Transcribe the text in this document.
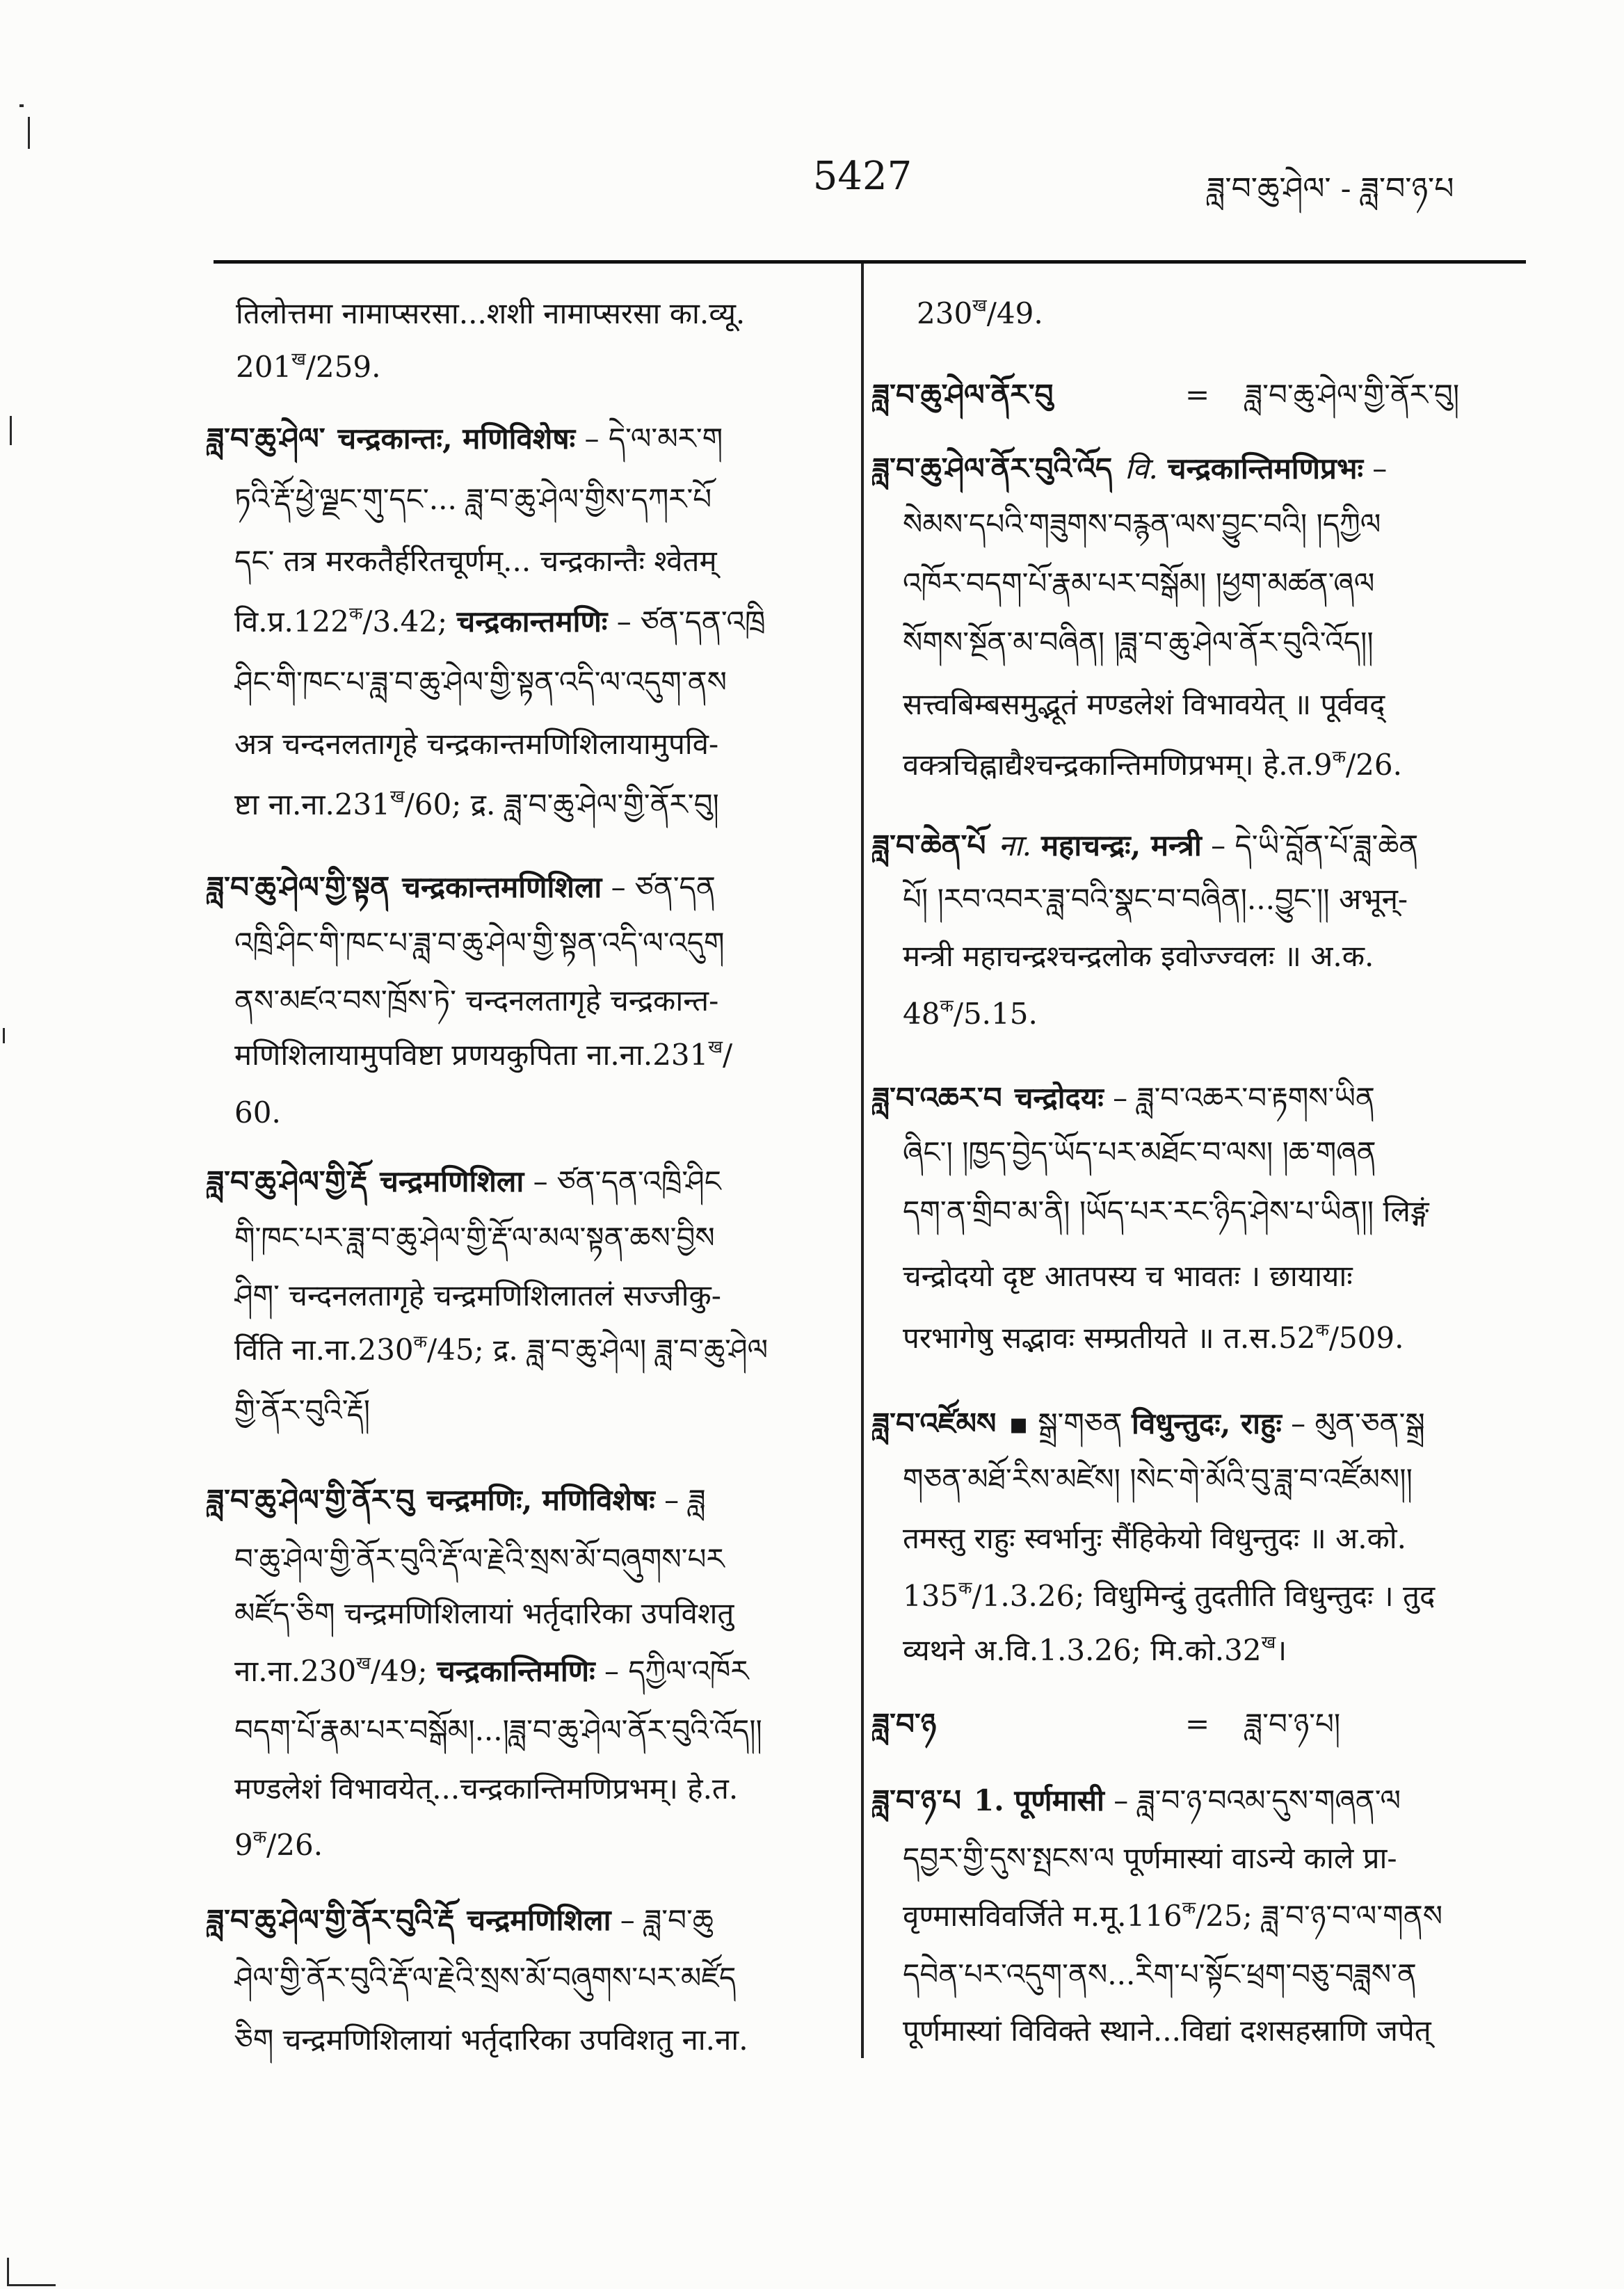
5427	ཟླ་བ་ཆུ་ཤེལ་ - ཟླ་བ་ཉ་པ
तिलोत्तमा नामाप्सरसा...शशी नामाप्सरसा का.व्यू.
$201^ख/259$.
ཟླ་བ་ཆུ་ཤེལ་ चन्द्रकान्तः, मणिविशेषः – དེ་ལ་མར་ག
ཏའི་རྡོ་ཕྱེ་ལྗང་གུ་དང་... ཟླ་བ་ཆུ་ཤེལ་གྱིས་དཀར་པོ
དང་ तत्र मरकतैर्हरितचूर्णम्... चन्द्रकान्तैः श्वेतम्
$वि.प्र.122^क/3.42$; चन्द्रकान्तमणिः – ཙན་དན་འཁྲི
ཤིང་གི་ཁང་པ་ཟླ་བ་ཆུ་ཤེལ་གྱི་སྟན་འདི་ལ་འདུག་ནས
अत्र चन्दनलतागृहे चन्द्रकान्तमणिशिलायामुपवि-
ष्टा $ना.ना.231^ख/60$; द्र. ཟླ་བ་ཆུ་ཤེལ་གྱི་ནོར་བུ།
ཟླ་བ་ཆུ་ཤེལ་གྱི་སྟན चन्द्रकान्तमणिशिला – ཙན་དན
འཁྲི་ཤིང་གི་ཁང་པ་ཟླ་བ་ཆུ་ཤེལ་གྱི་སྟན་འདི་ལ་འདུག
ནས་མཛའ་བས་ཁྲོས་ཏེ་ चन्दनलतागृहे चन्द्रकान्त-
मणिशिलायामुपविष्टा प्रणयकुपिता $ना.ना.231^ख/$
60.
ཟླ་བ་ཆུ་ཤེལ་གྱི་རྡོ चन्द्रमणिशिला – ཙན་དན་འཁྲི་ཤིང
གི་ཁང་པར་ཟླ་བ་ཆུ་ཤེལ་གྱི་རྡོ་ལ་མལ་སྟན་ཆས་བྱིས
ཤིག་ चन्दनलतागृहे चन्द्रमणिशिलातलं सज्जीकु-
र्विति $ना.ना.230^क/45$; द्र. ཟླ་བ་ཆུ་ཤེལ། ཟླ་བ་ཆུ་ཤེལ
གྱི་ནོར་བུའི་རྡོ།
ཟླ་བ་ཆུ་ཤེལ་གྱི་ནོར་བུ चन्द्रमणिः, मणिविशेषः – ཟླ
བ་ཆུ་ཤེལ་གྱི་ནོར་བུའི་རྡོ་ལ་རྗེའི་སྲས་མོ་བཞུགས་པར
མཛོད་ཅིག चन्द्रमणिशिलायां भर्तृदारिका उपविशतु
$ना.ना.230^ख/49$; चन्द्रकान्तिमणिः – དཀྱིལ་འཁོར
བདག་པོ་རྣམ་པར་བསྒོམ།...།ཟླ་བ་ཆུ་ཤེལ་ནོར་བུའི་འོད།།
मण्डलेशं विभावयेत्...चन्द्रकान्तिमणिप्रभम्। हे.त.
$9^क/26$.
ཟླ་བ་ཆུ་ཤེལ་གྱི་ནོར་བུའི་རྡོ चन्द्रमणिशिला – ཟླ་བ་ཆུ
ཤེལ་གྱི་ནོར་བུའི་རྡོ་ལ་རྗེའི་སྲས་མོ་བཞུགས་པར་མཛོད
ཅིག चन्द्रमणिशिलायां भर्तृदारिका उपविशतु ना.ना.
$230^ख/49$.
ཟླ་བ་ཆུ་ཤེལ་ནོར་བུ	= ཟླ་བ་ཆུ་ཤེལ་གྱི་ནོར་བུ།
ཟླ་བ་ཆུ་ཤེལ་ནོར་བུའི་འོད वि. चन्द्रकान्तिमणिप्रभः –
སེམས་དཔའི་གཟུགས་བརྙན་ལས་བྱུང་བའི། །དཀྱིལ
འཁོར་བདག་པོ་རྣམ་པར་བསྒོམ། །ཕྱག་མཚན་ཞལ
སོགས་སྔོན་མ་བཞིན། །ཟླ་བ་ཆུ་ཤེལ་ནོར་བུའི་འོད།།
सत्त्वबिम्बसमुद्भूतं मण्डलेशं विभावयेत् ॥ पूर्ववद्
वक्त्रचिह्नाद्यैश्चन्द्रकान्तिमणिप्रभम्। $हे.त.9^क/26$.
ཟླ་བ་ཆེན་པོ ना. महाचन्द्रः, मन्त्री – དེ་ཡི་བློན་པོ་ཟླ་ཆེན
པོ། །རབ་འབར་ཟླ་བའི་སྣང་བ་བཞིན།...བྱུང་།། अभून्-
मन्त्री महाचन्द्रश्चन्द्रलोक इवोज्ज्वलः ॥ अ.क.
$48^क/5.15$.
ཟླ་བ་འཆར་བ चन्द्रोदयः – ཟླ་བ་འཆར་བ་རྟགས་ཡིན
ཞིང་། །ཁྱད་བྱེད་ཡོད་པར་མཐོང་བ་ལས། །ཆ་གཞན
དག་ན་གྲིབ་མ་ནི། །ཡོད་པར་རང་ཉིད་ཤེས་པ་ཡིན།། लिङ्गं
चन्द्रोदयो दृष्ट आतपस्य च भावतः । छायायाः
परभागेषु सद्भावः सम्प्रतीयते ॥ $त.स.52^क/509$.
ཟླ་བ་འཛོམས ▪ སྒྲ་གཅན विधुन्तुदः, राहुः – མུན་ཅན་སྒྲ
གཅན་མཐོ་རིས་མཛེས། །སེང་གེ་མོའི་བུ་ཟླ་བ་འཛོམས།།
तमस्तु राहुः स्वर्भानुः सैंहिकेयो विधुन्तुदः ॥ अ.को.
$135^क/1.3.26$; विधुमिन्दुं तुदतीति विधुन्तुदः । तुद
व्यथने अ.वि.1.3.26; $मि.को.32^ख।$
ཟླ་བ་ཉ	= ཟླ་བ་ཉ་པ།
ཟླ་བ་ཉ་པ 1. पूर्णमासी – ཟླ་བ་ཉ་བའམ་དུས་གཞན་ལ
དབྱར་གྱི་དུས་སྤངས་ལ पूर्णमास्यां वाऽन्ये काले प्रा-
वृण्मासविवर्जिते $म.मू.116^क/25$; ཟླ་བ་ཉ་བ་ལ་གནས
དབེན་པར་འདུག་ནས...རིག་པ་སྟོང་ཕྲག་བཅུ་བཟླས་ན
पूर्णमास्यां विविक्ते स्थाने...विद्यां दशसहस्राणि जपेत्
